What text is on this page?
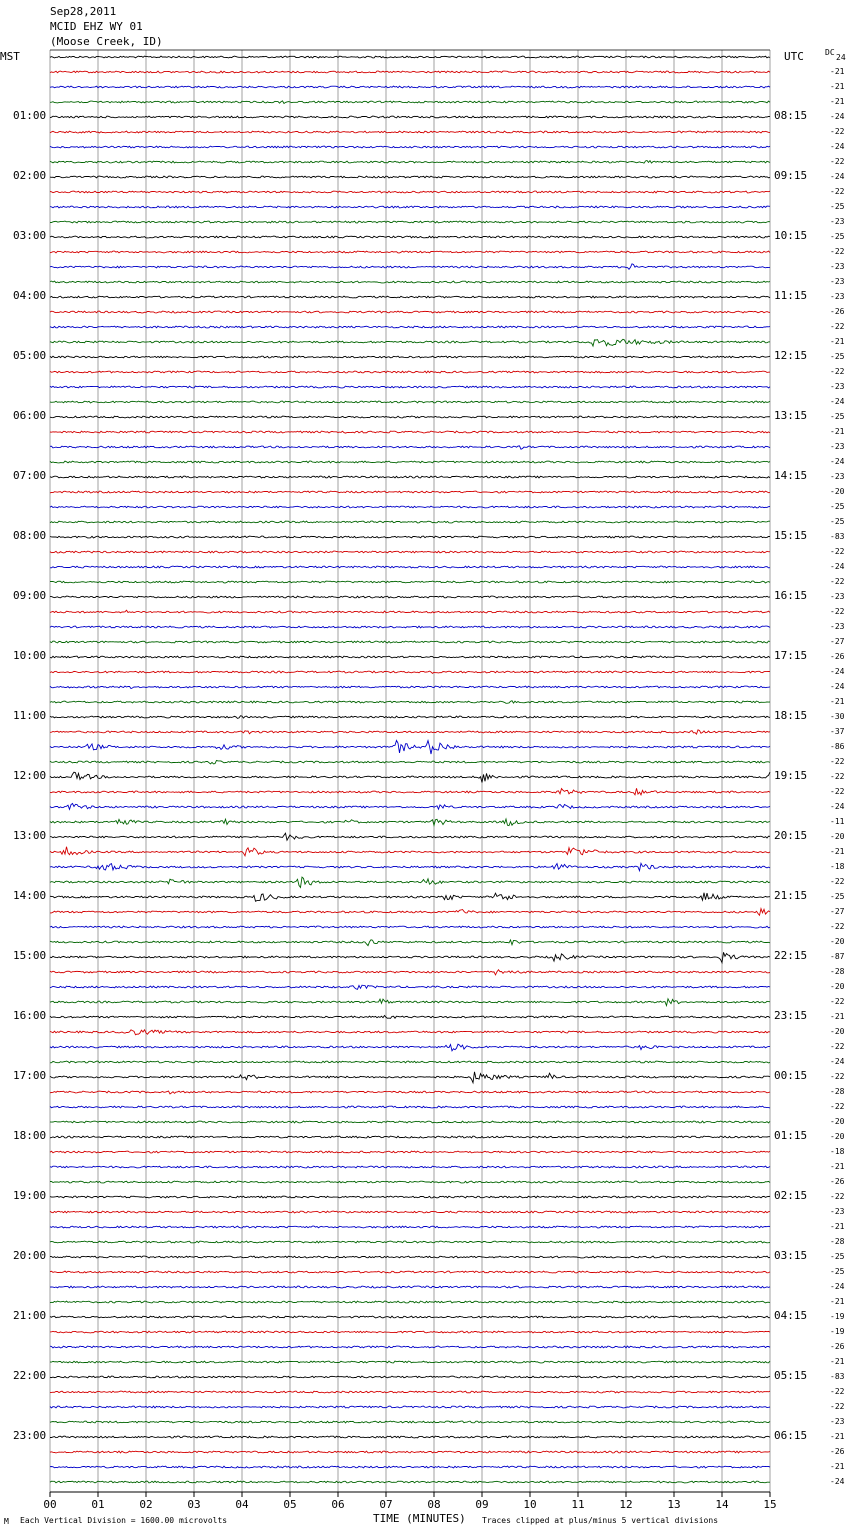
00	01	02	03	04	05	06	07	08	09	10	11	12	13	14	15
Sep28,2011
MCID EHZ WY 01
(Moose Creek, ID)
MST	UTC	DC
01:00
02:00
03:00
04:00
05:00
06:00
07:00
08:00
09:00
10:00
11:00
12:00
13:00
14:00
15:00
16:00
17:00
18:00
19:00
20:00
21:00
22:00
23:00
08:15
09:15
10:15
11:15
12:15
13:15
14:15
15:15
16:15
17:15
18:15
19:15
20:15
21:15
22:15
23:15
00:15
01:15
02:15
03:15
04:15
05:15
06:15
24
-21
-21
-21
-24
-22
-24
-22
-24
-22
-25
-23
-25
-22
-23
-23
-23
-26
-22
-21
-25
-22
-23
-24
-25
-21
-23
-24
-23
-20
-25
-25
-83
-22
-24
-22
-23
-22
-23
-27
-26
-24
-24
-21
-30
-37
-86
-22
-22
-22
-24
-11
-20
-21
-18
-22
-25
-27
-22
-20
-87
-28
-20
-22
-21
-20
-22
-24
-22
-28
-22
-20
-20
-18
-21
-26
-22
-23
-21
-28
-25
-25
-24
-21
-19
-19
-26
-21
-83
-22
-22
-23
-21
-26
-21
-24
M Each Vertical Division = 1600.00 microvolts	TIME (MINUTES) Traces clipped at plus/minus 5 vertical divisions
